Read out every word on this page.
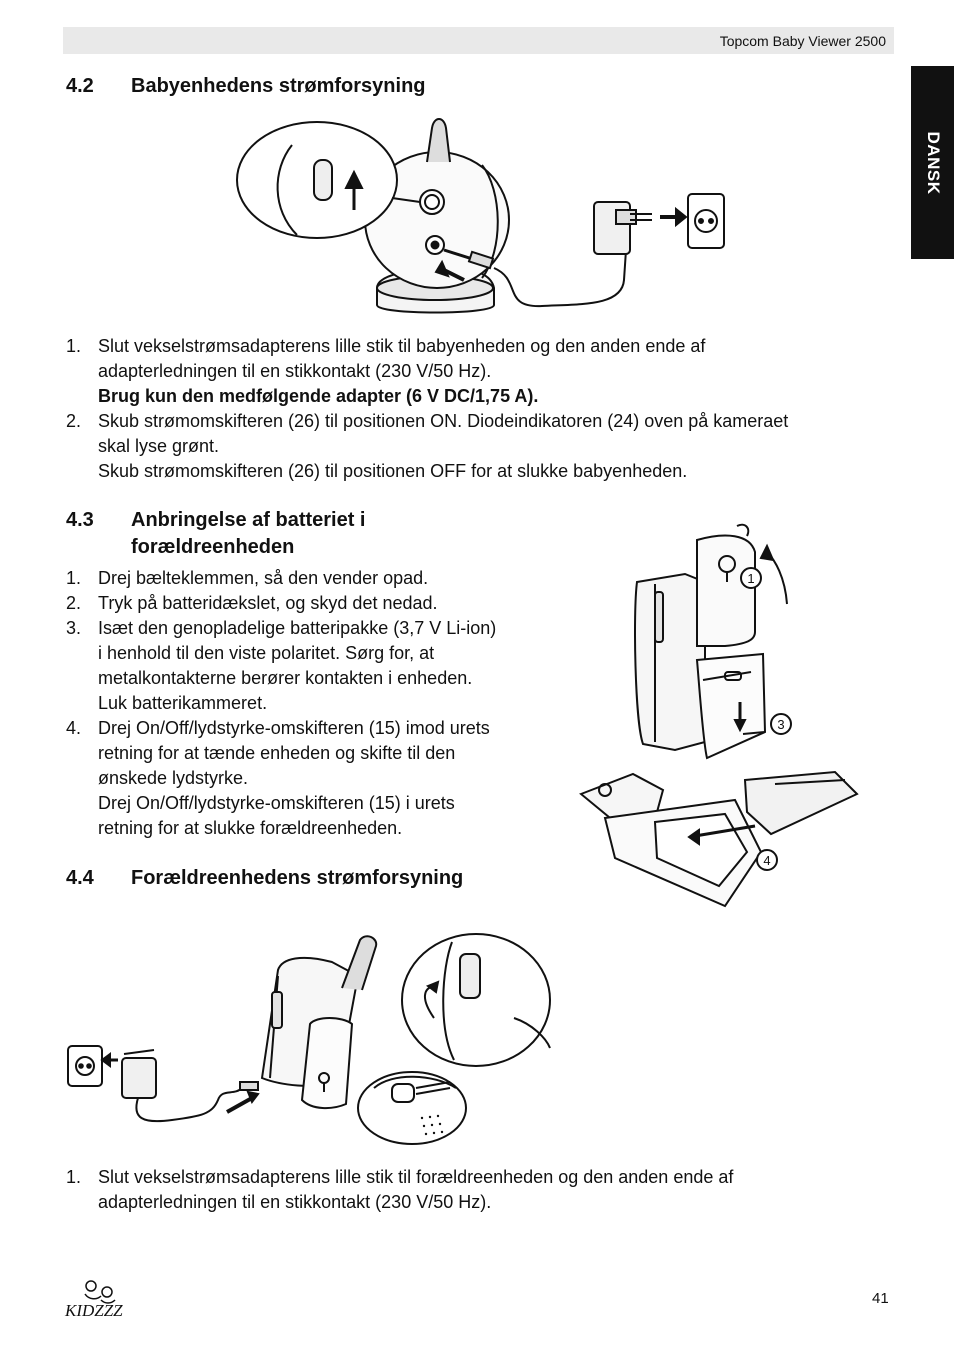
Topcom Baby Viewer 2500
DANSK
4.2 Babyenhedens strømforsyning
1. Slut vekselstrømsadapterens lille stik til babyenheden og den anden ende af
adapterledningen til en stikkontakt (230 V/50 Hz).
Brug kun den medfølgende adapter (6 V DC/1,75 A).
2. Skub strømomskifteren (26) til positionen ON. Diodeindikatoren (24) oven på kameraet
skal lyse grønt.
Skub strømomskifteren (26) til positionen OFF for at slukke babyenheden.
4.3 Anbringelse af batteriet i
forældreenheden
1. Drej bælteklemmen, så den vender opad.
2. Tryk på batteridækslet, og skyd det nedad.
3. Isæt den genopladelige batteripakke (3,7 V Li-ion)
i henhold til den viste polaritet. Sørg for, at
metalkontakterne berører kontakten i enheden.
Luk batterikammeret.
4. Drej On/Off/lydstyrke-omskifteren (15) imod urets
retning for at tænde enheden og skifte til den
ønskede lydstyrke.
Drej On/Off/lydstyrke-omskifteren (15) i urets
retning for at slukke forældreenheden.
1
3
4
4.4 Forældreenhedens strømforsyning
1. Slut vekselstrømsadapterens lille stik til forældreenheden og den anden ende af
adapterledningen til en stikkontakt (230 V/50 Hz).
KIDZZZ
41
